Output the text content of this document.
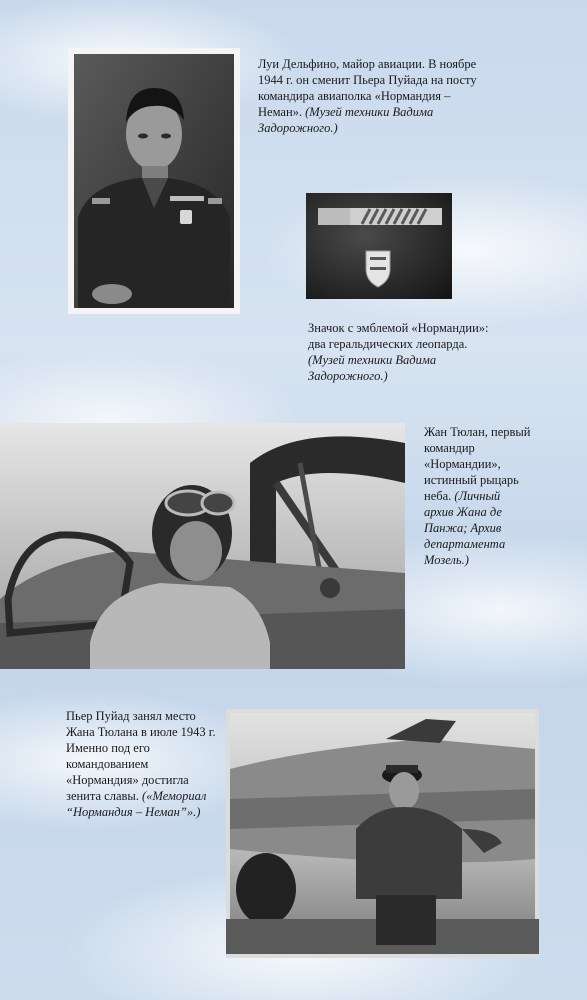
Луи Дельфино, майор авиации. В ноябре 1944 г. он сменит Пьера Пуйада на посту командира авиаполка «Нормандия – Неман». (Музей техники Вадима Задорожного.)

Значок с эмблемой «Нормандии»: два геральдических леопарда. (Музей техники Вадима Задорожного.)

Жан Тюлан, первый командир «Нормандии», истинный рыцарь неба. (Личный архив Жана де Панжа; Архив департамента Мозель.)

Пьер Пуйад занял место Жана Тюлана в июле 1943 г. Именно под его командованием «Нормандия» достигла зенита славы. («Мемориал “Нормандия – Неман”».)
